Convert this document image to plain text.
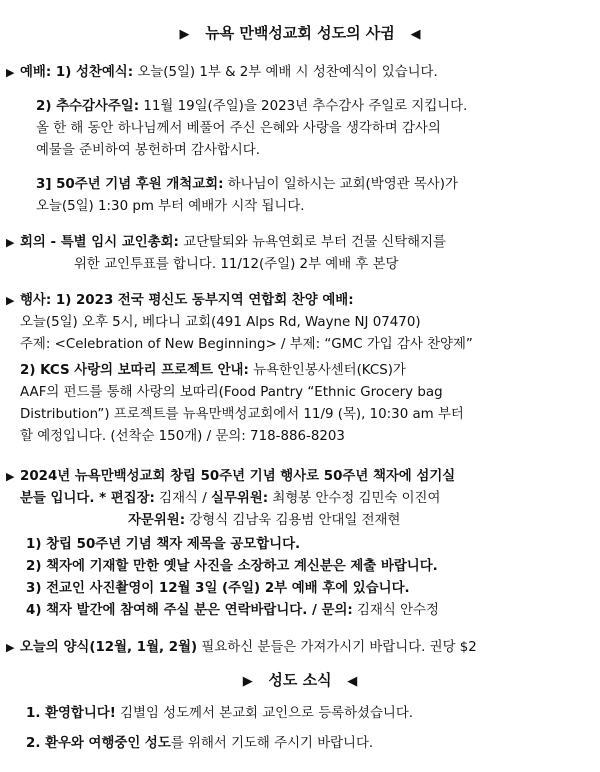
▶ 뉴욕 만백성교회 성도의 사귐 ◀
▶ 예배: 1) 성찬예식: 오늘(5일) 1부 & 2부 예배 시 성찬예식이 있습니다.
2) 추수감사주일: 11월 19일(주일)을 2023년 추수감사 주일로 지킵니다.
올 한 해 동안 하나님께서 베풀어 주신 은혜와 사랑을 생각하며 감사의
예물을 준비하여 봉헌하며 감사합시다.
3] 50주년 기념 후원 개척교회: 하나님이 일하시는 교회(박영관 목사)가
오늘(5일) 1:30 pm 부터 예배가 시작 됩니다.
▶ 회의 - 특별 임시 교인총회: 교단탈퇴와 뉴욕연회로 부터 건물 신탁해지를
위한 교인투표를 합니다. 11/12(주일) 2부 예배 후 본당
▶ 행사: 1) 2023 전국 평신도 동부지역 연합회 찬양 예배:
오늘(5일) 오후 5시, 베다니 교회(491 Alps Rd, Wayne NJ 07470)
주제: <Celebration of New Beginning> / 부제: “GMC 가입 감사 찬양제”
2) KCS 사랑의 보따리 프로젝트 안내: 뉴욕한인봉사센터(KCS)가
AAF의 펀드를 통해 사랑의 보따리(Food Pantry “Ethnic Grocery bag
Distribution”) 프로젝트를 뉴욕만백성교회에서 11/9 (목), 10:30 am 부터
할 예정입니다. (선착순 150개) / 문의: 718-886-8203
▶ 2024년 뉴욕만백성교회 창립 50주년 기념 행사로 50주년 책자에 섬기실
분들 입니다. * 편집장: 김재식 / 실무위원: 최형봉 안수정 김민숙 이진여
자문위원: 강형식 김남욱 김용범 안대일 전재현
1) 창립 50주년 기념 책자 제목을 공모합니다.
2) 책자에 기재할 만한 옛날 사진을 소장하고 계신분은 제출 바랍니다.
3) 전교인 사진촬영이 12월 3일 (주일) 2부 예배 후에 있습니다.
4) 책자 발간에 참여해 주실 분은 연락바랍니다. / 문의: 김재식 안수정
▶ 오늘의 양식(12월, 1월, 2월) 필요하신 분들은 가져가시기 바랍니다. 권당 $2
▶ 성도 소식 ◀
1. 환영합니다! 김별임 성도께서 본교회 교인으로 등록하셨습니다.
2. 환우와 여행중인 성도를 위해서 기도해 주시기 바랍니다.
